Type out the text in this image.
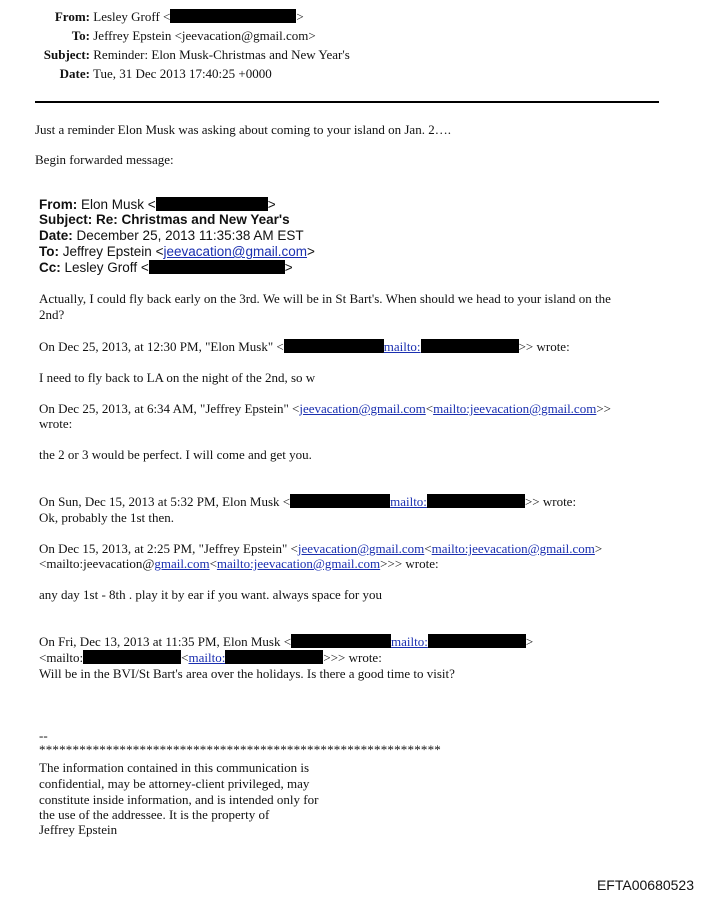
From: Lesley Groff <	>
To: Jeffrey Epstein <jeevacation@gmail.com>
Subject: Reminder: Elon Musk-Christmas and New Year's
Date: Tue, 31 Dec 2013 17:40:25 +0000
Just a reminder Elon Musk was asking about coming to your island on Jan. 2….
Begin forwarded message:
From: Elon Musk <	>
Subject: Re: Christmas and New Year's
Date: December 25, 2013 11:35:38 AM EST
To: Jeffrey Epstein <jeevacation@gmail.com>
Cc: Lesley Groff <	>
Actually, I could fly back early on the 3rd. We will be in St Bart's. When should we head to your island on the
2nd?
On Dec 25, 2013, at 12:30 PM, "Elon Musk" <	mailto:	>> wrote:
I need to fly back to LA on the night of the 2nd, so w
On Dec 25, 2013, at 6:34 AM, "Jeffrey Epstein" <jeevacation@gmail.com<mailto:jeevacation@gmail.com>>
wrote:
the 2 or 3 would be perfect. I will come and get you.
On Sun, Dec 15, 2013 at 5:32 PM, Elon Musk <	mailto:	>> wrote:
Ok, probably the 1st then.
On Dec 15, 2013, at 2:25 PM, "Jeffrey Epstein" <jeevacation@gmail.com<mailto:jeevacation@gmail.com>
<mailto:jeevacation@gmail.com<mailto:jeevacation@gmail.com>>> wrote:
any day 1st - 8th . play it by ear if you want. always space for you
On Fri, Dec 13, 2013 at 11:35 PM, Elon Musk <	mailto:	>
<mailto:	<mailto:	>>> wrote:
Will be in the BVI/St Bart's area over the holidays. Is there a good time to visit?
--
************************************************************
The information contained in this communication is
confidential, may be attorney-client privileged, may
constitute inside information, and is intended only for
the use of the addressee. It is the property of
Jeffrey Epstein
EFTA00680523
